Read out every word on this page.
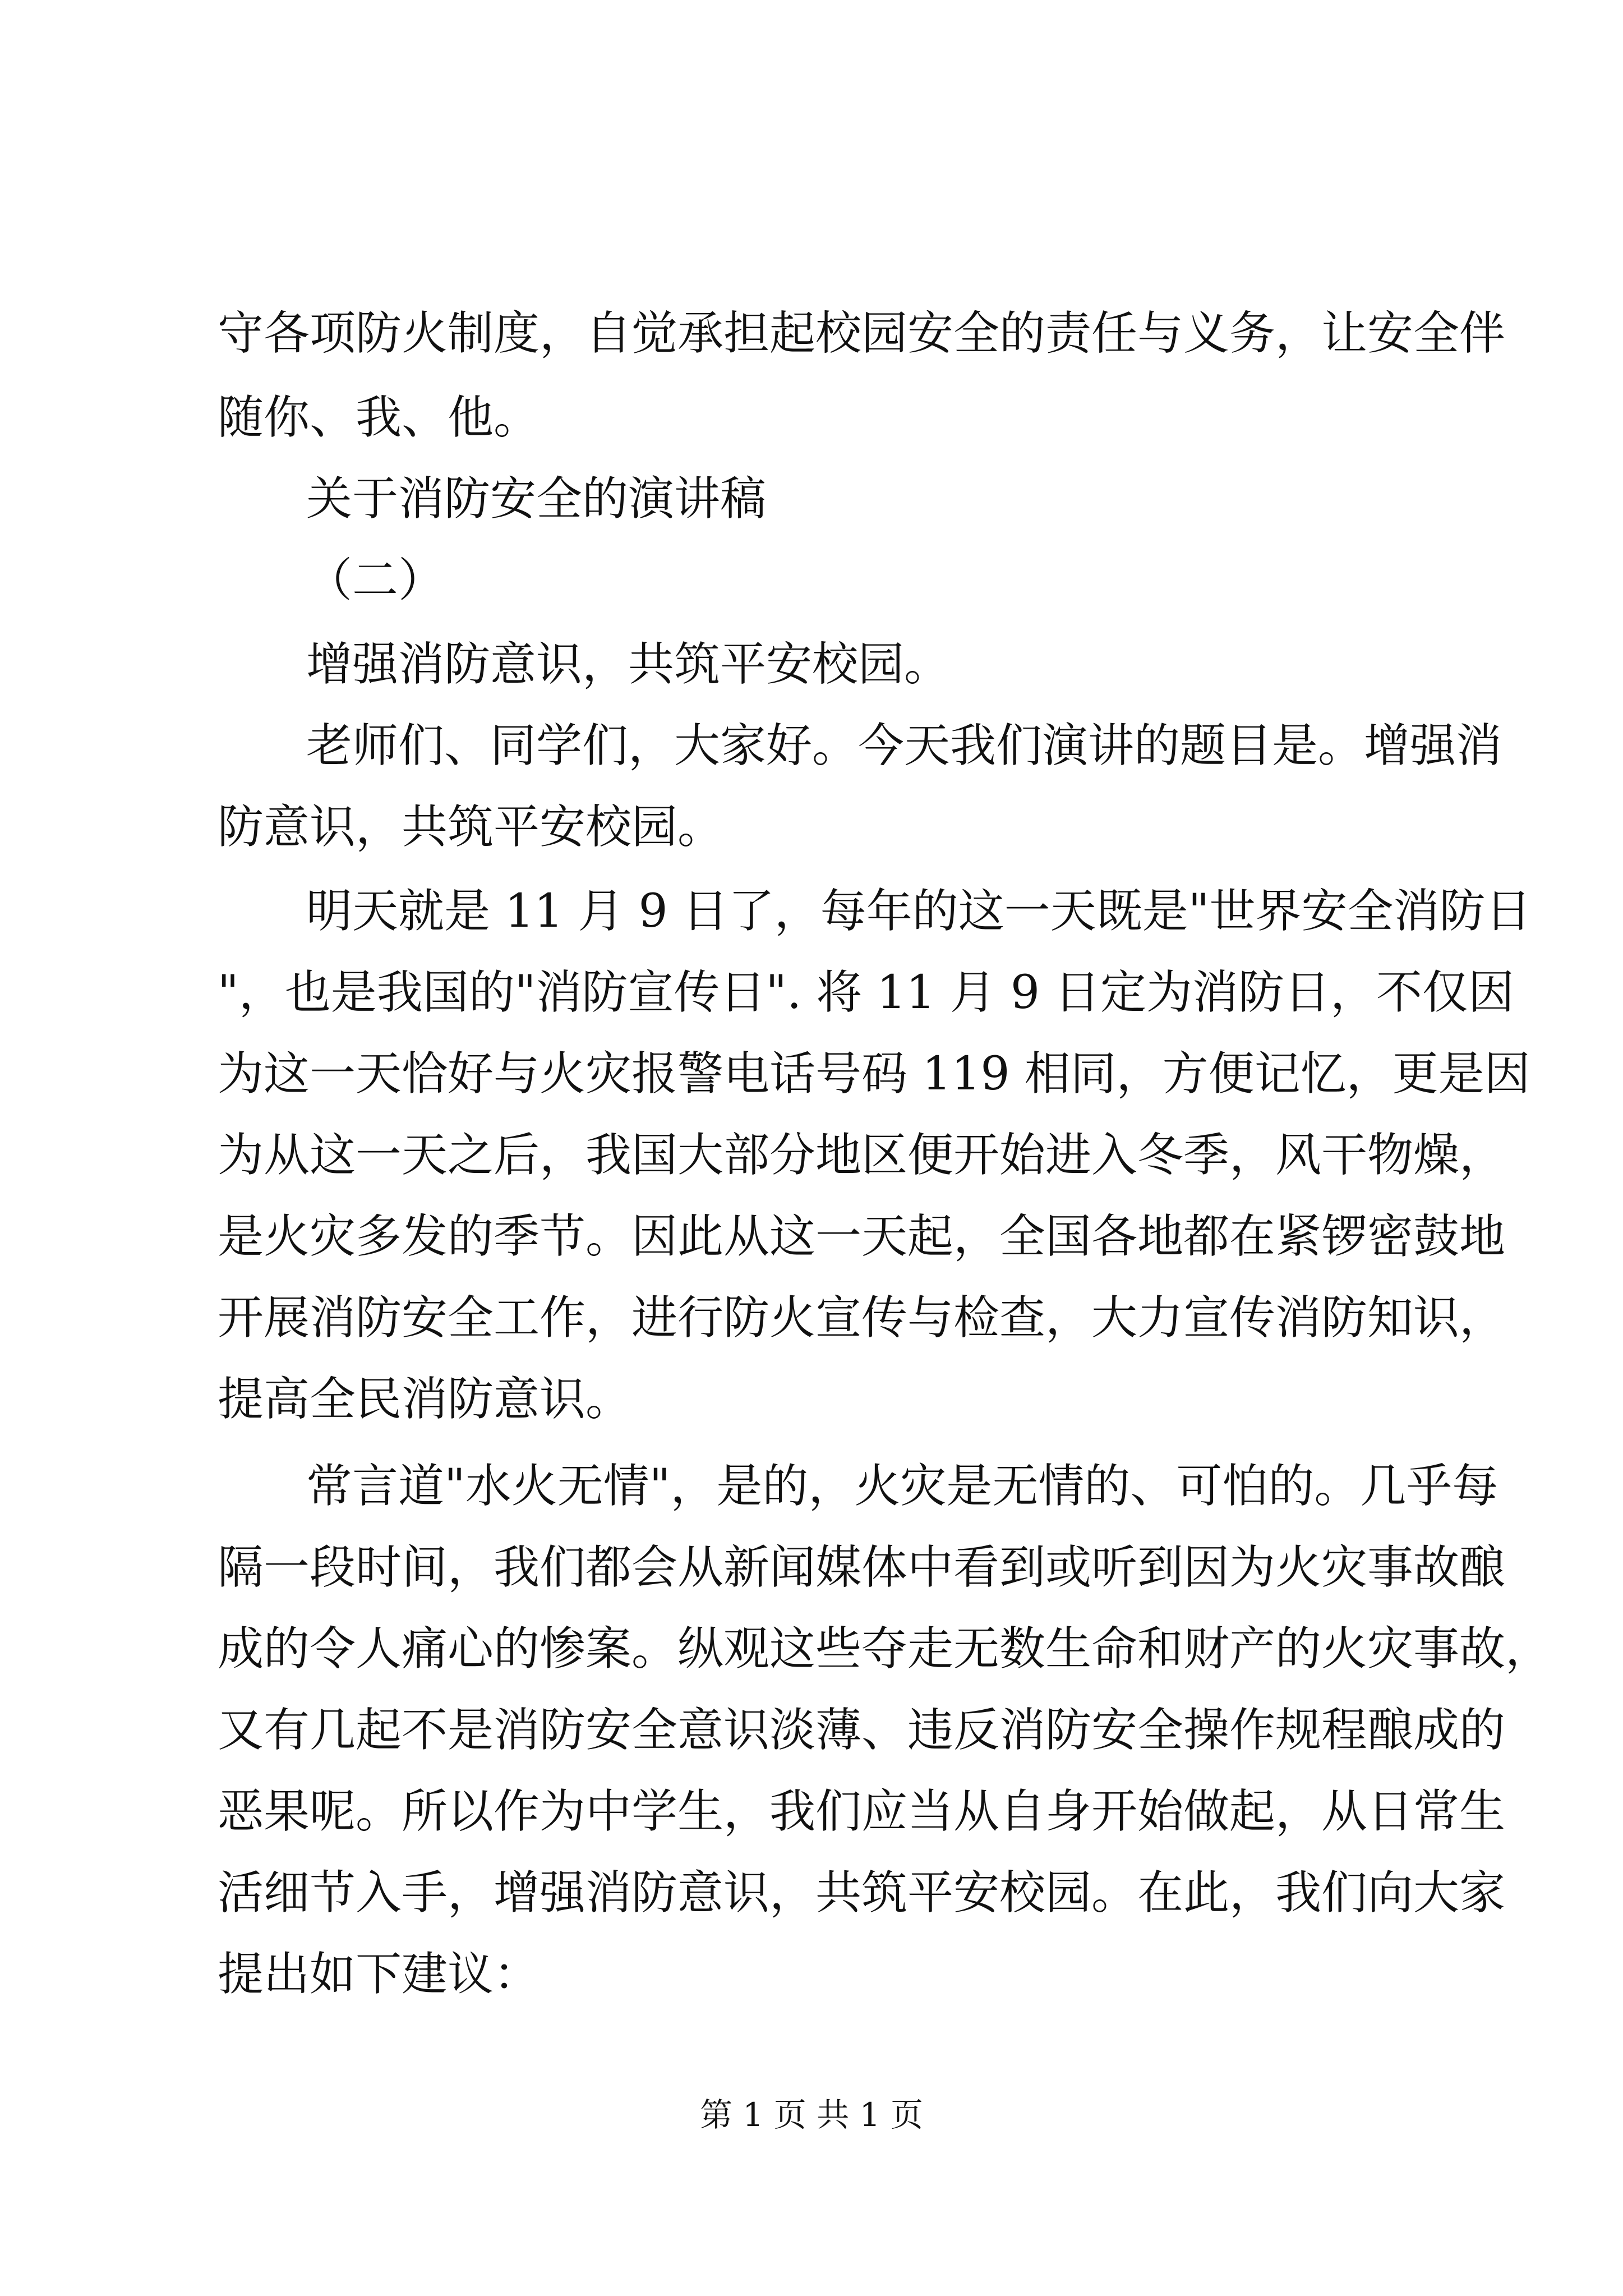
守各项防火制度，自觉承担起校园安全的责任与义务，让安全伴
随你、我、他。
关于消防安全的演讲稿
（二）
增强消防意识，共筑平安校园。
老师们、同学们，大家好。今天我们演讲的题目是。增强消
防意识，共筑平安校园。
明天就是 11 月 9 日了，每年的这一天既是"世界安全消防日
"，也是我国的"消防宣传日". 将 11 月 9 日定为消防日，不仅因
为这一天恰好与火灾报警电话号码 119 相同，方便记忆，更是因
为从这一天之后，我国大部分地区便开始进入冬季，风干物燥，
是火灾多发的季节。因此从这一天起，全国各地都在紧锣密鼓地
开展消防安全工作，进行防火宣传与检查，大力宣传消防知识，
提高全民消防意识。
常言道"水火无情"，是的，火灾是无情的、可怕的。几乎每
隔一段时间，我们都会从新闻媒体中看到或听到因为火灾事故酿
成的令人痛心的惨案。纵观这些夺走无数生命和财产的火灾事故，
又有几起不是消防安全意识淡薄、违反消防安全操作规程酿成的
恶果呢。所以作为中学生，我们应当从自身开始做起，从日常生
活细节入手，增强消防意识，共筑平安校园。在此，我们向大家
提出如下建议：
第 1 页 共 1 页
